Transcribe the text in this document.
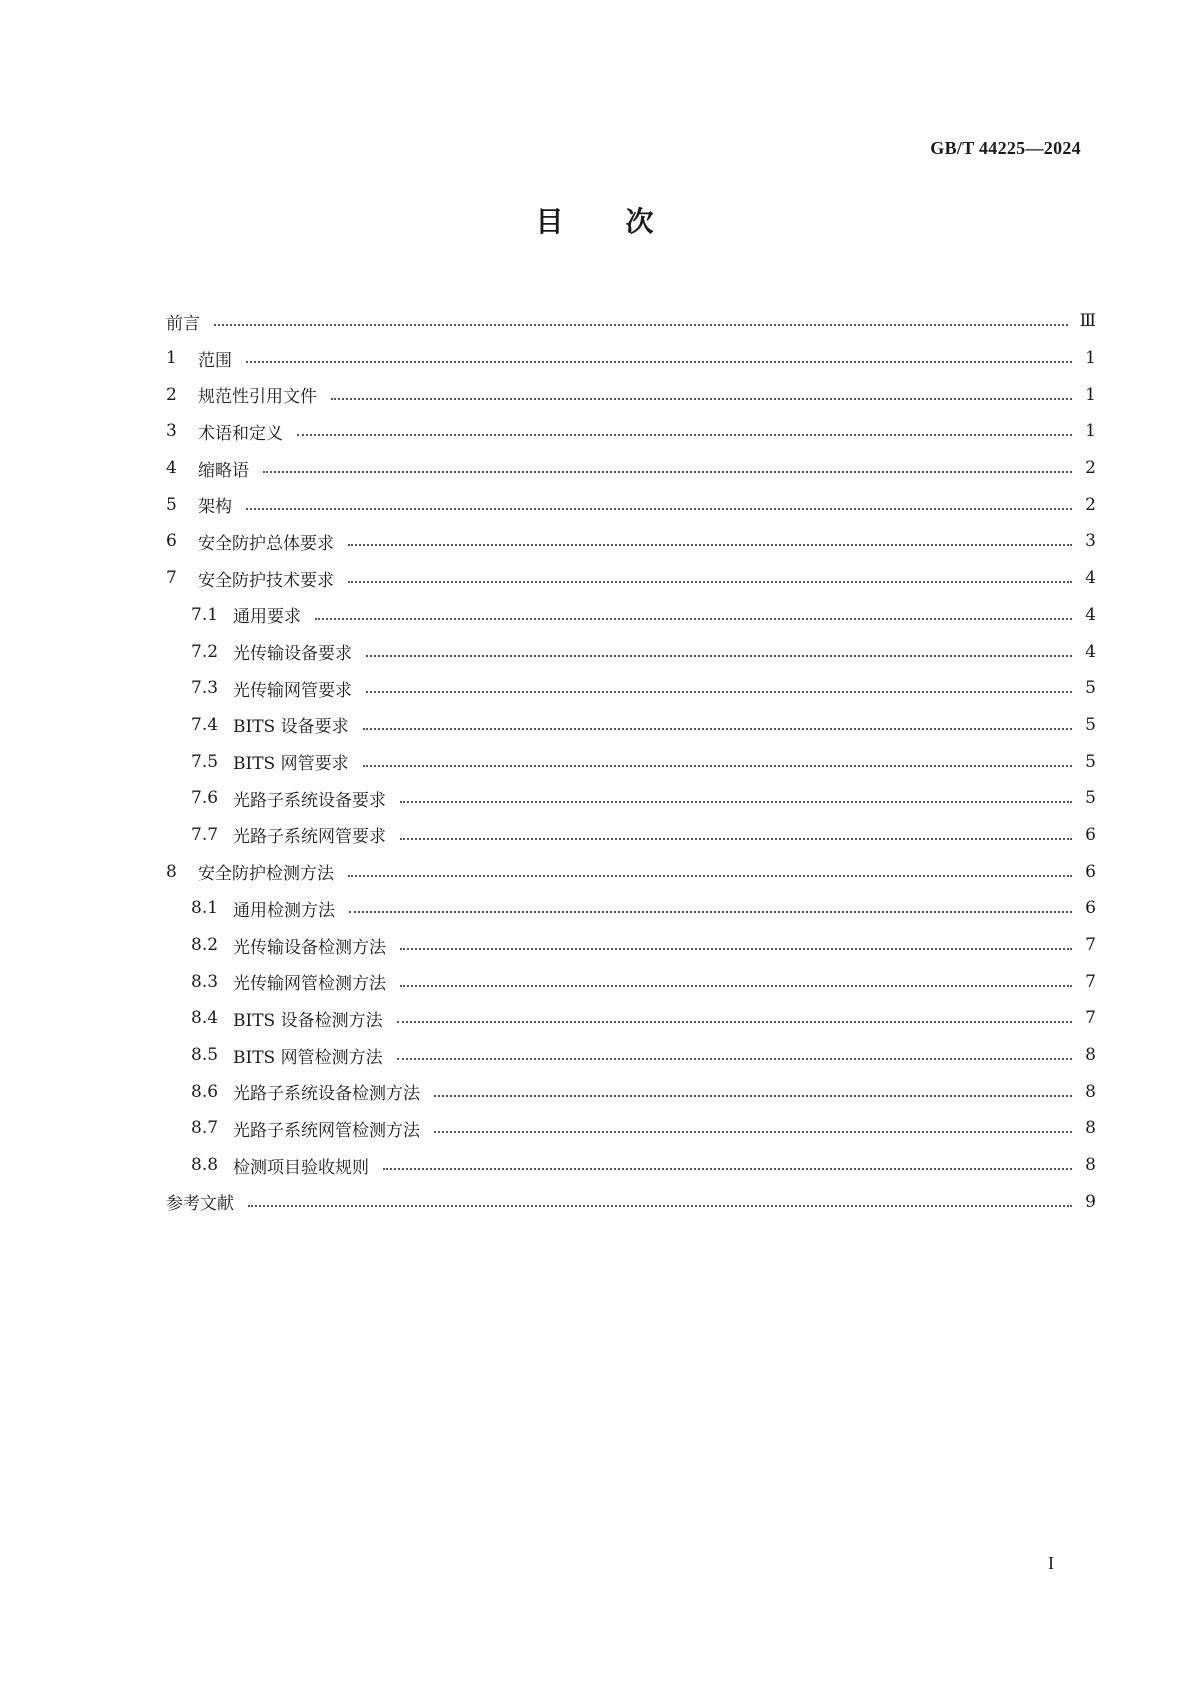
GB/T 44225—2024
目 次
前言	Ⅲ
1	范围	1
2	规范性引用文件	1
3	术语和定义	1
4	缩略语	2
5	架构	2
6	安全防护总体要求	3
7	安全防护技术要求	4
7.1 通用要求	4
7.2 光传输设备要求	4
7.3 光传输网管要求	5
7.4 BITS 设备要求	5
7.5 BITS 网管要求	5
7.6 光路子系统设备要求	5
7.7 光路子系统网管要求	6
8	安全防护检测方法	6
8.1 通用检测方法	6
8.2 光传输设备检测方法	7
8.3 光传输网管检测方法	7
8.4 BITS 设备检测方法	7
8.5 BITS 网管检测方法	8
8.6 光路子系统设备检测方法	8
8.7 光路子系统网管检测方法	8
8.8 检测项目验收规则	8
参考文献	9
I
